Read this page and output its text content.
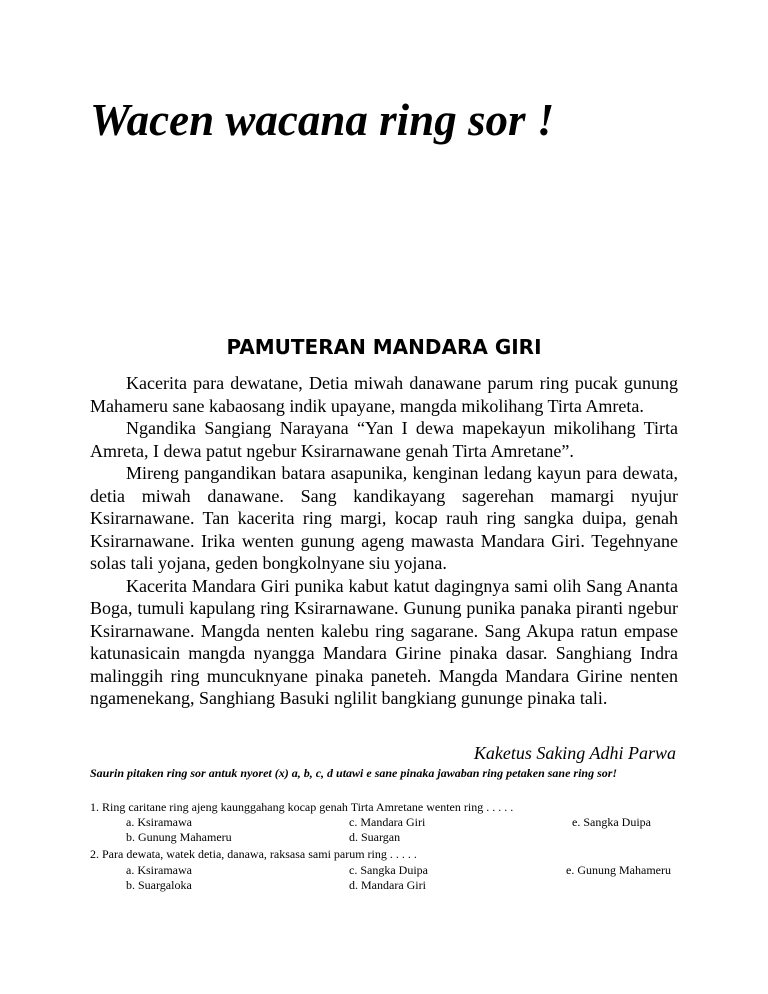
Wacen wacana ring sor !
PAMUTERAN MANDARA GIRI

Kacerita para dewatane, Detia miwah danawane parum ring pucak gunung Mahameru sane kabaosang indik upayane, mangda mikolihang Tirta Amreta.

Ngandika Sangiang Narayana “Yan I dewa mapekayun mikolihang Tirta Amreta, I dewa patut ngebur Ksirarnawane genah Tirta Amretane”.

Mireng pangandikan batara asapunika, kenginan ledang kayun para dewata, detia miwah danawane. Sang kandikayang sagerehan mamargi nyujur Ksirarnawane. Tan kacerita ring margi, kocap rauh ring sangka duipa, genah Ksirarnawane. Irika wenten gunung ageng mawasta Mandara Giri. Tegehnyane solas tali yojana, geden bongkolnyane siu yojana.

Kacerita Mandara Giri punika kabut katut dagingnya sami olih Sang Ananta Boga, tumuli kapulang ring Ksirarnawane. Gunung punika panaka piranti ngebur Ksirarnawane. Mangda nenten kalebu ring sagarane. Sang Akupa ratun empase katunasicain mangda nyangga Mandara Girine pinaka dasar. Sanghiang Indra malinggih ring muncuknyane pinaka paneteh. Mangda Mandara Girine nenten ngamenekang, Sanghiang Basuki nglilit bangkiang gununge pinaka tali.

Kaketus Saking Adhi Parwa

Saurin pitaken ring sor antuk nyoret (x) a, b, c, d utawi e sane pinaka jawaban ring petaken sane ring sor!

1. Ring caritane ring ajeng kaunggahang kocap genah Tirta Amretane wenten ring . . . . .
a. Ksiramawa	c. Mandara Giri	e. Sangka Duipa
b. Gunung Mahameru	d. Suargan
2. Para dewata, watek detia, danawa, raksasa sami parum ring . . . . .
a. Ksiramawa	c. Sangka Duipa	e. Gunung Mahameru
b. Suargaloka	d. Mandara Giri
